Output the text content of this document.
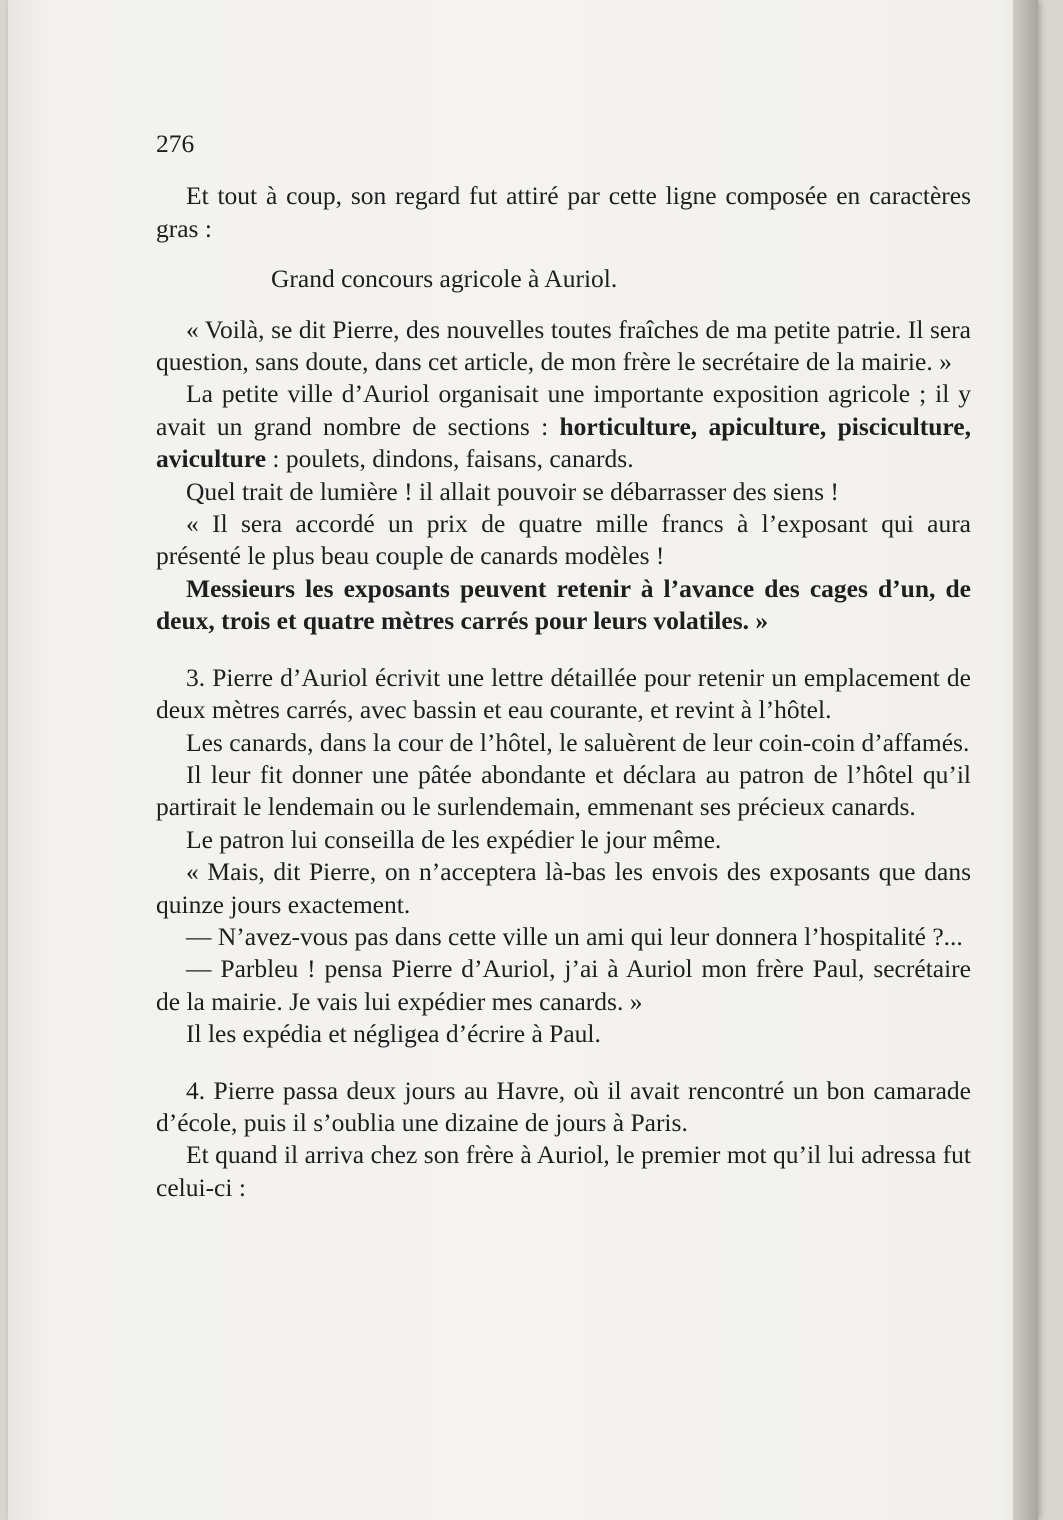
276

Et tout à coup, son regard fut attiré par cette ligne composée en caractères gras :

Grand concours agricole à Auriol.

« Voilà, se dit Pierre, des nouvelles toutes fraîches de ma petite patrie. Il sera question, sans doute, dans cet article, de mon frère le secrétaire de la mairie. »

La petite ville d’Auriol organisait une importante exposition agricole ; il y avait un grand nombre de sections : horticulture, apiculture, pisciculture, aviculture : poulets, dindons, faisans, canards.

Quel trait de lumière ! il allait pouvoir se débarrasser des siens !

« Il sera accordé un prix de quatre mille francs à l’exposant qui aura présenté le plus beau couple de canards modèles !

Messieurs les exposants peuvent retenir à l’avance des cages d’un, de deux, trois et quatre mètres carrés pour leurs volatiles. »

3. Pierre d’Auriol écrivit une lettre détaillée pour retenir un emplacement de deux mètres carrés, avec bassin et eau courante, et revint à l’hôtel.

Les canards, dans la cour de l’hôtel, le saluèrent de leur coin-coin d’affamés.

Il leur fit donner une pâtée abondante et déclara au patron de l’hôtel qu’il partirait le lendemain ou le surlendemain, emmenant ses précieux canards.

Le patron lui conseilla de les expédier le jour même.

« Mais, dit Pierre, on n’acceptera là-bas les envois des exposants que dans quinze jours exactement.

— N’avez-vous pas dans cette ville un ami qui leur donnera l’hospitalité ?...

— Parbleu ! pensa Pierre d’Auriol, j’ai à Auriol mon frère Paul, secrétaire de la mairie. Je vais lui expédier mes canards. »

Il les expédia et négligea d’écrire à Paul.

4. Pierre passa deux jours au Havre, où il avait rencontré un bon camarade d’école, puis il s’oublia une dizaine de jours à Paris.

Et quand il arriva chez son frère à Auriol, le premier mot qu’il lui adressa fut celui-ci :
